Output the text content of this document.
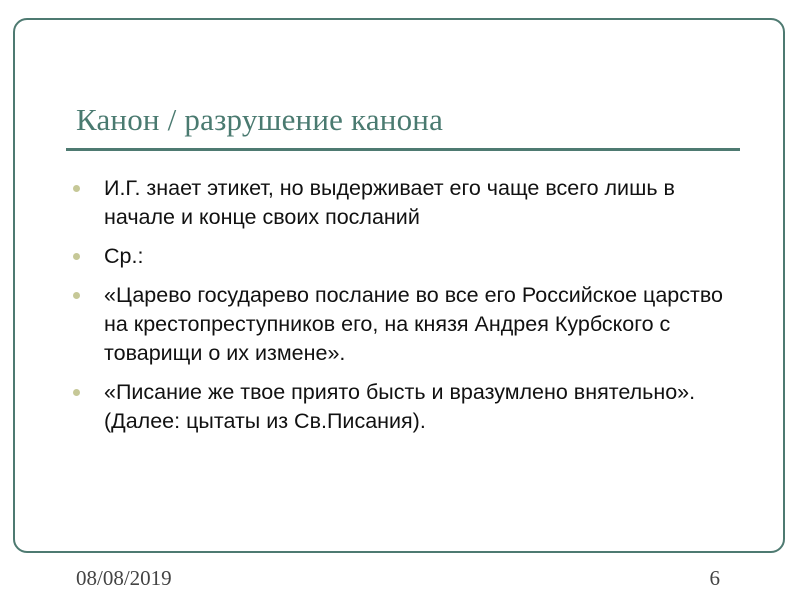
Канон / разрушение канона
И.Г. знает этикет, но выдерживает его чаще всего лишь в начале и конце своих посланий
Ср.:
«Царево государево послание во все его Российское царство на крестопреступников его, на князя Андрея Курбского с товарищи о их измене».
«Писание же твое приято бысть и вразумлено внятельно». (Далее: цытаты из Св.Писания).
08/08/2019	6
